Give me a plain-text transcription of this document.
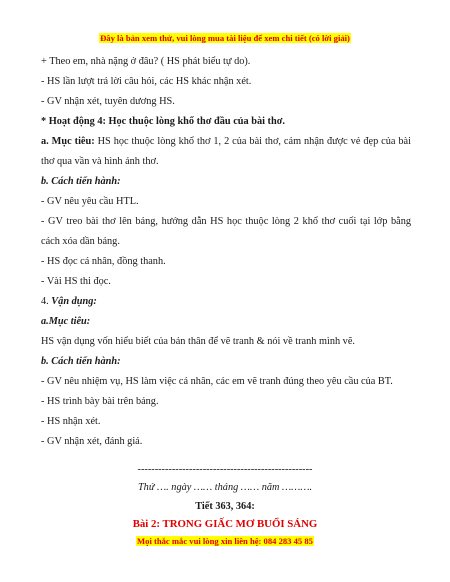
Đây là bản xem thử, vui lòng mua tài liệu để xem chi tiết (có lời giải)
+ Theo em, nhà nặng ở đâu? ( HS phát biểu tự do).
- HS lần lượt trả lời câu hỏi, các HS khác nhận xét.
- GV nhận xét, tuyên dương HS.
* Hoạt động 4: Học thuộc lòng khổ thơ đầu của bài thơ.
a. Mục tiêu: HS học thuộc lòng khổ thơ 1, 2 của bài thơ, cảm nhận được vẻ đẹp của bài
thơ qua vần và hình ảnh thơ.
b. Cách tiến hành:
- GV nêu yêu cầu HTL.
- GV treo bài thơ lên bảng, hướng dẫn HS học thuộc lòng 2 khổ thơ cuối tại lớp bằng
cách xóa dần bảng.
- HS đọc cá nhân, đồng thanh.
- Vài HS thi đọc.
4. Vận dụng:
a.Mục tiêu:
HS vận dụng vốn hiểu biết của bản thân để vẽ tranh & nói về tranh mình vẽ.
b. Cách tiến hành:
- GV nêu nhiệm vụ, HS làm việc cá nhân, các em vẽ tranh đúng theo yêu cầu của BT.
- HS trình bày bài trên bảng.
- HS nhận xét.
- GV nhận xét, đánh giá.
---------------------------------------------------
Thứ …. ngày …… tháng …… năm ……….
Tiết 363, 364:
Bài 2: TRONG GIẤC MƠ BUỔI SÁNG
Mọi thắc mắc vui lòng xin liên hệ: 084 283 45 85
